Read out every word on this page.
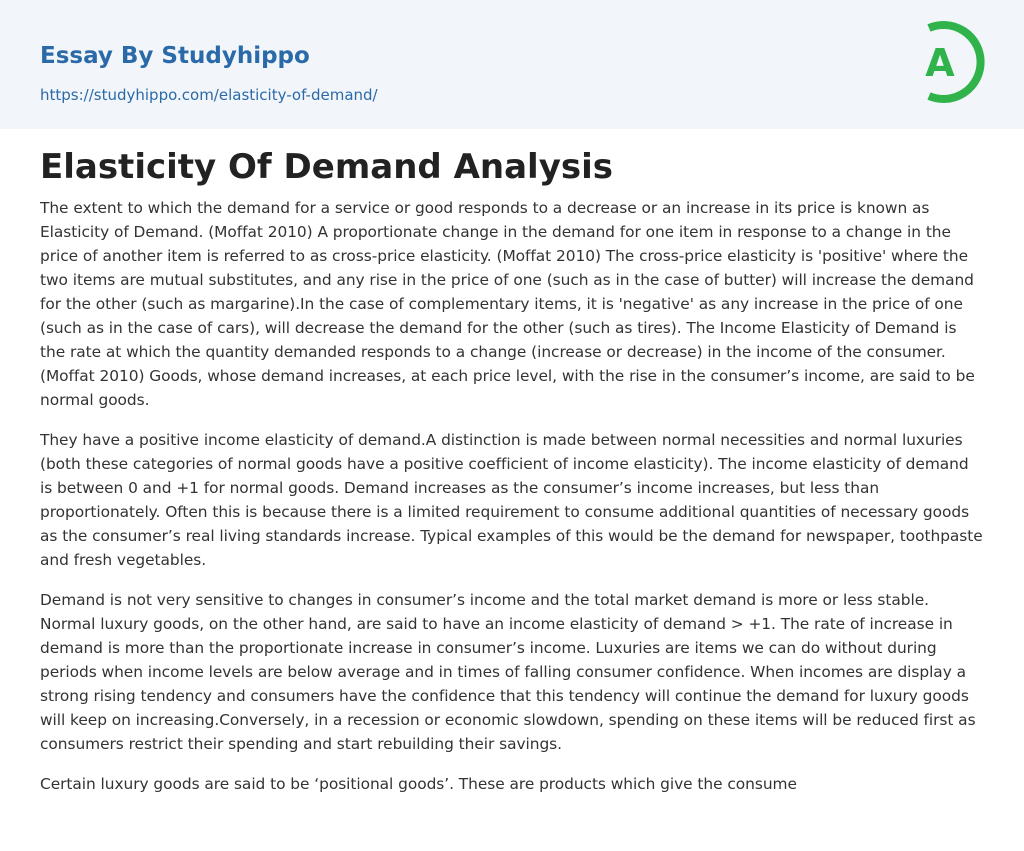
Essay By Studyhippo
https://studyhippo.com/elasticity-of-demand/
A
Elasticity Of Demand Analysis

The extent to which the demand for a service or good responds to a decrease or an increase in its price is known as Elasticity of Demand. (Moffat 2010) A proportionate change in the demand for one item in response to a change in the price of another item is referred to as cross-price elasticity. (Moffat 2010) The cross-price elasticity is 'positive' where the two items are mutual substitutes, and any rise in the price of one (such as in the case of butter) will increase the demand for the other (such as margarine).In the case of complementary items, it is 'negative' as any increase in the price of one (such as in the case of cars), will decrease the demand for the other (such as tires). The Income Elasticity of Demand is the rate at which the quantity demanded responds to a change (increase or decrease) in the income of the consumer. (Moffat 2010) Goods, whose demand increases, at each price level, with the rise in the consumer’s income, are said to be normal goods.

They have a positive income elasticity of demand.A distinction is made between normal necessities and normal luxuries (both these categories of normal goods have a positive coefficient of income elasticity). The income elasticity of demand is between 0 and +1 for normal goods. Demand increases as the consumer’s income increases, but less than proportionately. Often this is because there is a limited requirement to consume additional quantities of necessary goods as the consumer’s real living standards increase. Typical examples of this would be the demand for newspaper, toothpaste and fresh vegetables.

Demand is not very sensitive to changes in consumer’s income and the total market demand is more or less stable. Normal luxury goods, on the other hand, are said to have an income elasticity of demand > +1. The rate of increase in demand is more than the proportionate increase in consumer’s income. Luxuries are items we can do without during periods when income levels are below average and in times of falling consumer confidence. When incomes are display a strong rising tendency and consumers have the confidence that this tendency will continue the demand for luxury goods will keep on increasing.Conversely, in a recession or economic slowdown, spending on these items will be reduced first as consumers restrict their spending and start rebuilding their savings.

Certain luxury goods are said to be ‘positional goods’. These are products which give the consume
